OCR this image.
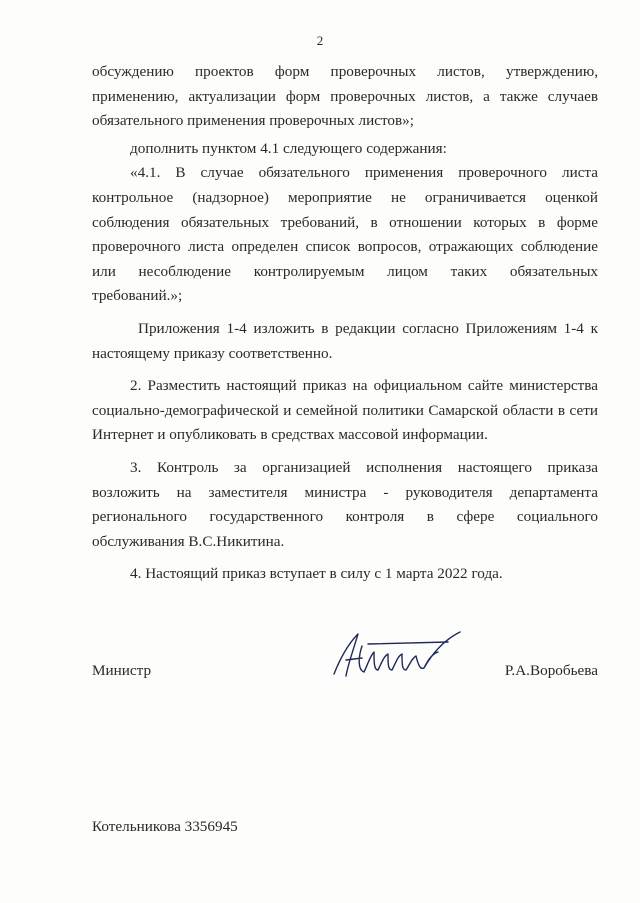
2

обсуждению проектов форм проверочных листов, утверждению,

применению, актуализации форм проверочных листов, а также случаев

обязательного применения проверочных листов»;

дополнить пунктом 4.1 следующего содержания:

«4.1. В случае обязательного применения проверочного листа

контрольное (надзорное) мероприятие не ограничивается оценкой

соблюдения обязательных требований, в отношении которых в форме

проверочного листа определен список вопросов, отражающих соблюдение

или несоблюдение контролируемым лицом таких обязательных

требований.»;

Приложения 1-4 изложить в редакции согласно Приложениям 1-4 к

настоящему приказу соответственно.

2. Разместить настоящий приказ на официальном сайте министерства

социально-демографической и семейной политики Самарской области в сети

Интернет и опубликовать в средствах массовой информации.

3. Контроль за организацией исполнения настоящего приказа

возложить на заместителя министра - руководителя департамента

регионального государственного контроля в сфере социального

обслуживания В.С.Никитина.

4. Настоящий приказ вступает в силу с 1 марта 2022 года.

Министр	Р.А.Воробьева
Котельникова 3356945
